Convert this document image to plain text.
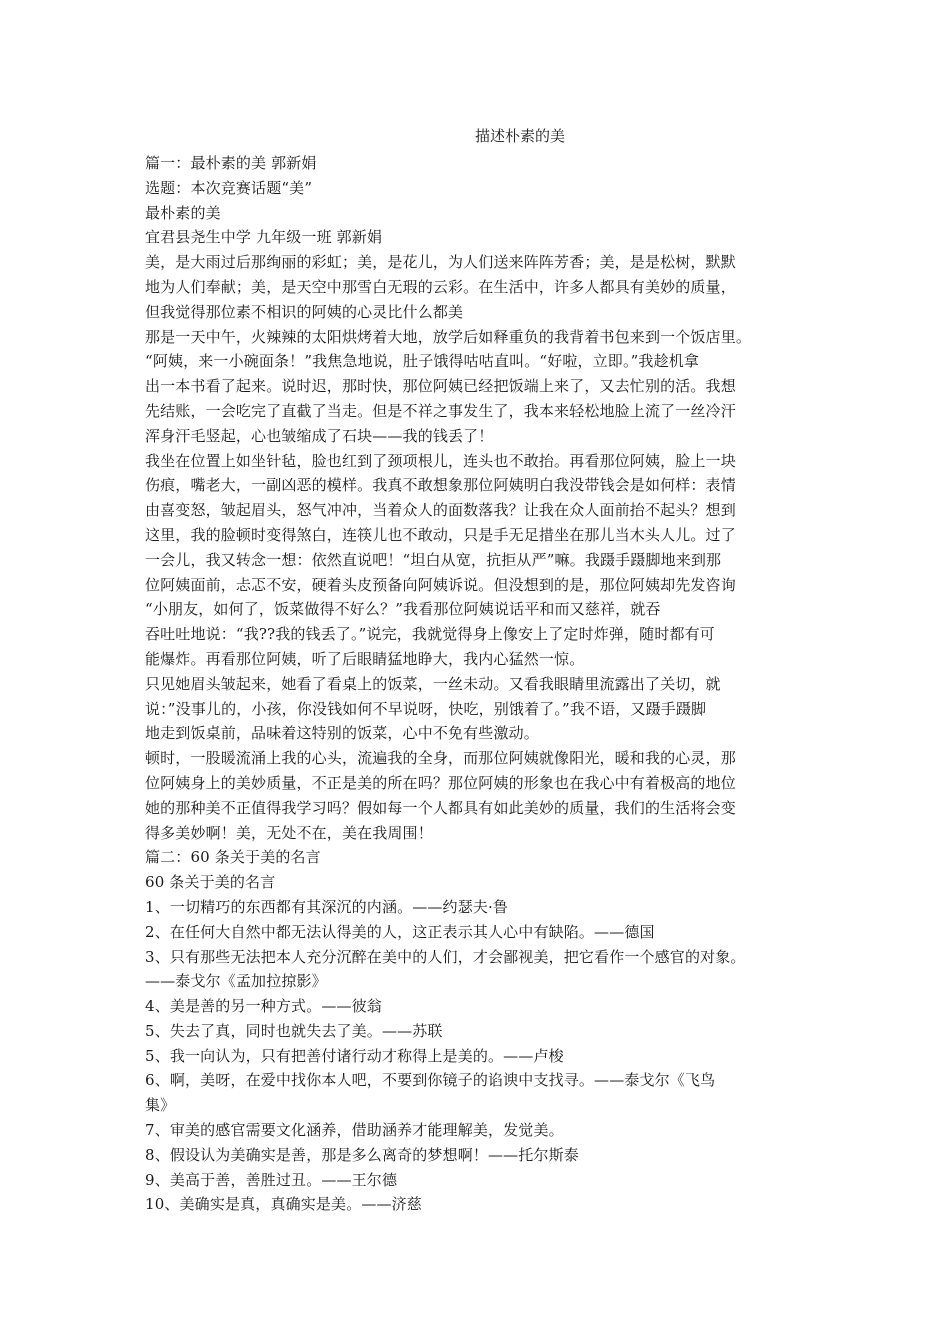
描述朴素的美
篇一：最朴素的美 郭新娟
选题：本次竞赛话题“美”
最朴素的美
宜君县尧生中学 九年级一班 郭新娟
美，是大雨过后那绚丽的彩虹；美，是花儿，为人们送来阵阵芳香；美，是是松树，默默
地为人们奉献；美，是天空中那雪白无瑕的云彩。在生活中，许多人都具有美妙的质量，
但我觉得那位素不相识的阿姨的心灵比什么都美
那是一天中午，火辣辣的太阳烘烤着大地，放学后如释重负的我背着书包来到一个饭店里。
“阿姨，来一小碗面条！”我焦急地说，肚子饿得咕咕直叫。“好啦，立即。”我趁机拿
出一本书看了起来。说时迟，那时快，那位阿姨已经把饭端上来了，又去忙别的活。我想
先结账，一会吃完了直截了当走。但是不祥之事发生了，我本来轻松地脸上流了一丝冷汗
浑身汗毛竖起，心也皱缩成了石块——我的钱丢了！
我坐在位置上如坐针毡，脸也红到了颈项根儿，连头也不敢抬。再看那位阿姨，脸上一块
伤痕，嘴老大，一副凶恶的模样。我真不敢想象那位阿姨明白我没带钱会是如何样：表情
由喜变怒，皱起眉头，怒气冲冲，当着众人的面数落我？让我在众人面前抬不起头？想到
这里，我的脸顿时变得煞白，连筷儿也不敢动，只是手无足措坐在那儿当木头人儿。过了
一会儿，我又转念一想：依然直说吧！“坦白从宽，抗拒从严”嘛。我蹑手蹑脚地来到那
位阿姨面前，忐忑不安，硬着头皮预备向阿姨诉说。但没想到的是，那位阿姨却先发咨询
“小朋友，如何了，饭菜做得不好么？”我看那位阿姨说话平和而又慈祥，就吞
吞吐吐地说：“我??我的钱丢了。”说完，我就觉得身上像安上了定时炸弹，随时都有可
能爆炸。再看那位阿姨，听了后眼睛猛地睁大，我内心猛然一惊。
只见她眉头皱起来，她看了看桌上的饭菜，一丝未动。又看我眼睛里流露出了关切，就
说：”没事儿的，小孩，你没钱如何不早说呀，快吃，别饿着了。”我不语，又蹑手蹑脚
地走到饭桌前，品味着这特别的饭菜，心中不免有些激动。
顿时，一股暖流涌上我的心头，流遍我的全身，而那位阿姨就像阳光，暖和我的心灵，那
位阿姨身上的美妙质量，不正是美的所在吗？那位阿姨的形象也在我心中有着极高的地位
她的那种美不正值得我学习吗？假如每一个人都具有如此美妙的质量，我们的生活将会变
得多美妙啊！美，无处不在，美在我周围！
篇二：60 条关于美的名言
60 条关于美的名言
1、一切精巧的东西都有其深沉的内涵。——约瑟夫·鲁
2、在任何大自然中都无法认得美的人，这正表示其人心中有缺陷。——德国
3、只有那些无法把本人充分沉醉在美中的人们，才会鄙视美，把它看作一个感官的对象。
——泰戈尔《孟加拉掠影》
4、美是善的另一种方式。——彼翁
5、失去了真，同时也就失去了美。——苏联
5、我一向认为，只有把善付诸行动才称得上是美的。——卢梭
6、啊，美呀，在爱中找你本人吧，不要到你镜子的谄谀中支找寻。——泰戈尔《飞鸟
集》
7、审美的感官需要文化涵养，借助涵养才能理解美，发觉美。
8、假设认为美确实是善，那是多么离奇的梦想啊！——托尔斯泰
9、美高于善，善胜过丑。——王尔德
10、美确实是真，真确实是美。——济慈
